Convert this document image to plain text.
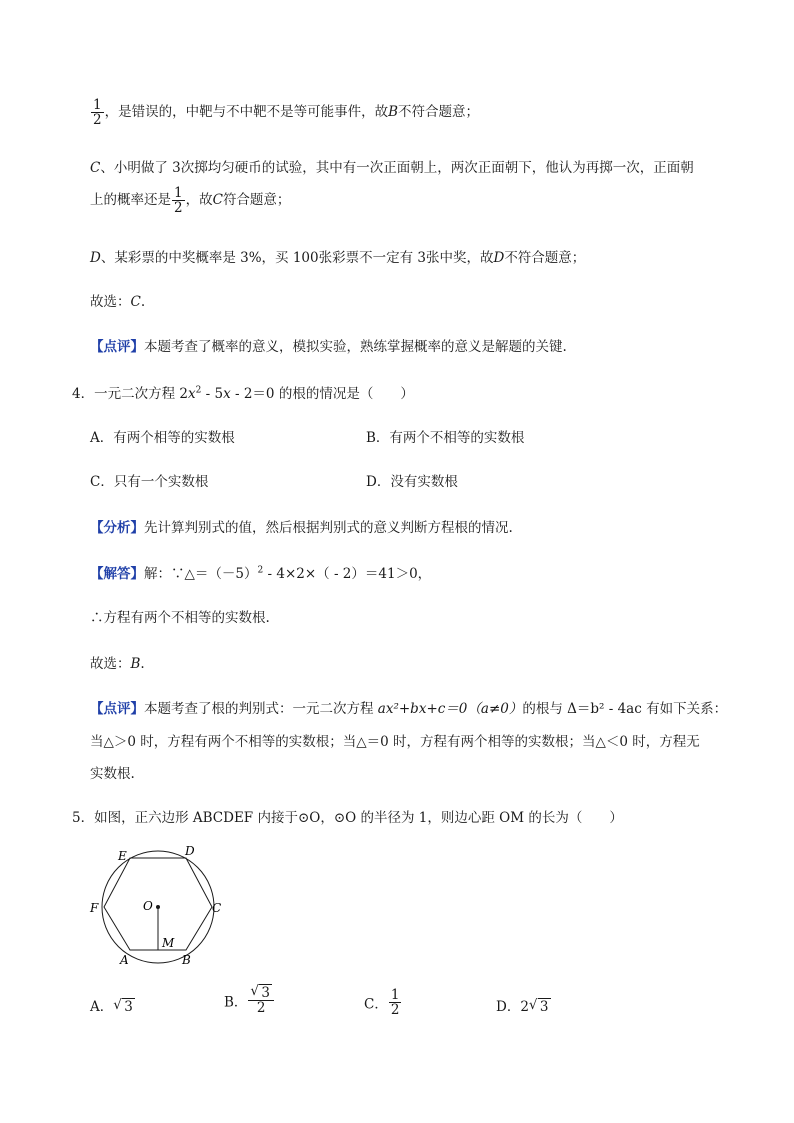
$\frac{1}{2}$ ，是错误的，中靶与不中靶不是等可能事件，故B不符合题意；
C、小明做了 3次掷均匀硬币的试验，其中有一次正面朝上，两次正面朝下，他认为再掷一次，正面朝
上的概率还是 $\frac{1}{2}$ ，故C符合题意；
D、某彩票的中奖概率是 3%，买 100张彩票不一定有 3张中奖，故D不符合题意；
故选：C.
【点评】本题考查了概率的意义，模拟实验，熟练掌握概率的意义是解题的关键.
4．一元二次方程 $2x^2 - 5x - 2=0$ 的根的情况是（　　）
A．有两个相等的实数根	B．有两个不相等的实数根
C．只有一个实数根	D．没有实数根
【分析】先计算判别式的值，然后根据判别式的意义判断方程根的情况.
【解答】解：$\because\triangle=(-5)^2 - 4\times 2\times( - 2)=41>0$，
∴方程有两个不相等的实数根.
故选：B.
【点评】本题考查了根的判别式：一元二次方程 ax²+bx+c＝0（a≠0）的根与 Δ＝b² - 4ac 有如下关系：
当△＞0 时，方程有两个不相等的实数根；当△＝0 时，方程有两个相等的实数根；当△＜0 时，方程无
实数根.
5．如图，正六边形 ABCDEF 内接于⊙O，⊙O 的半径为 1，则边心距 OM 的长为（　　）
E	D
F	C
O
M
A	B
A． √ 3	B． $\frac{√ 3}{2}$	C． $\frac{1}{2}$	D．2 √ 3
